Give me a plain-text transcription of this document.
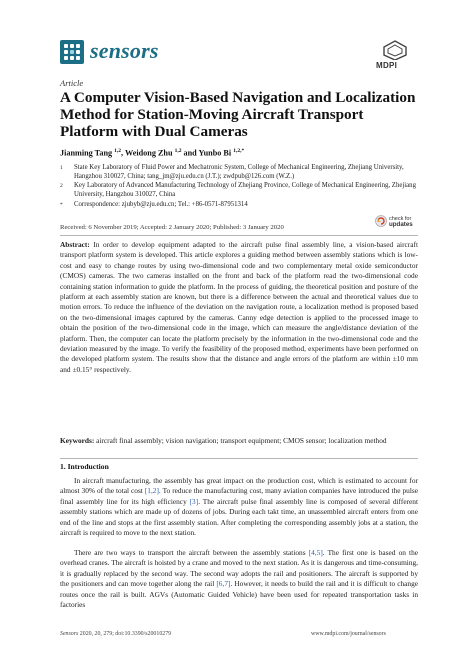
sensors
MDPI
Article
A Computer Vision-Based Navigation and Localization Method for Station-Moving Aircraft Transport Platform with Dual Cameras
Jianming Tang $^{1,2}$, Weidong Zhu $^{1,2}$ and Yunbo Bi $^{1,2,*}$
1	State Key Laboratory of Fluid Power and Mechatronic System, College of Mechanical Engineering, Zhejiang University, Hangzhou 310027, China; tang_jm@zju.edu.cn (J.T.); zwdpub@126.com (W.Z.)
2	Key Laboratory of Advanced Manufacturing Technology of Zhejiang Province, College of Mechanical Engineering, Zhejiang University, Hangzhou 310027, China
*	Correspondence: zjubyb@zju.edu.cn; Tel.: +86-0571-87951314
Received: 6 November 2019; Accepted: 2 January 2020; Published: 3 January 2020
check for
updates
Abstract: In order to develop equipment adapted to the aircraft pulse final assembly line, a vision-based aircraft transport platform system is developed. This article explores a guiding method between assembly stations which is low-cost and easy to change routes by using two-dimensional code and two complementary metal oxide semiconductor (CMOS) cameras. The two cameras installed on the front and back of the platform read the two-dimensional code containing station information to guide the platform. In the process of guiding, the theoretical position and posture of the platform at each assembly station are known, but there is a difference between the actual and theoretical values due to motion errors. To reduce the influence of the deviation on the navigation route, a localization method is proposed based on the two-dimensional images captured by the cameras. Canny edge detection is applied to the processed image to obtain the position of the two-dimensional code in the image, which can measure the angle/distance deviation of the platform. Then, the computer can locate the platform precisely by the information in the two-dimensional code and the deviation measured by the image. To verify the feasibility of the proposed method, experiments have been performed on the developed platform system. The results show that the distance and angle errors of the platform are within ±10 mm and ±0.15° respectively.
Keywords: aircraft final assembly; vision navigation; transport equipment; CMOS sensor; localization method
1. Introduction
In aircraft manufacturing, the assembly has great impact on the production cost, which is estimated to account for almost 30% of the total cost [1,2]. To reduce the manufacturing cost, many aviation companies have introduced the pulse final assembly line for its high efficiency [3]. The aircraft pulse final assembly line is composed of several different assembly stations which are made up of dozens of jobs. During each takt time, an unassembled aircraft enters from one end of the line and stops at the first assembly station. After completing the corresponding assembly jobs at a station, the aircraft is required to move to the next station.
There are two ways to transport the aircraft between the assembly stations [4,5]. The first one is based on the overhead cranes. The aircraft is hoisted by a crane and moved to the next station. As it is dangerous and time-consuming, it is gradually replaced by the second way. The second way adopts the rail and positioners. The aircraft is supported by the positioners and can move together along the rail [6,7]. However, it needs to build the rail and it is difficult to change routes once the rail is built. AGVs (Automatic Guided Vehicle) have been used for repeated transportation tasks in factories
Sensors 2020, 20, 279; doi:10.3390/s20010279	www.mdpi.com/journal/sensors
